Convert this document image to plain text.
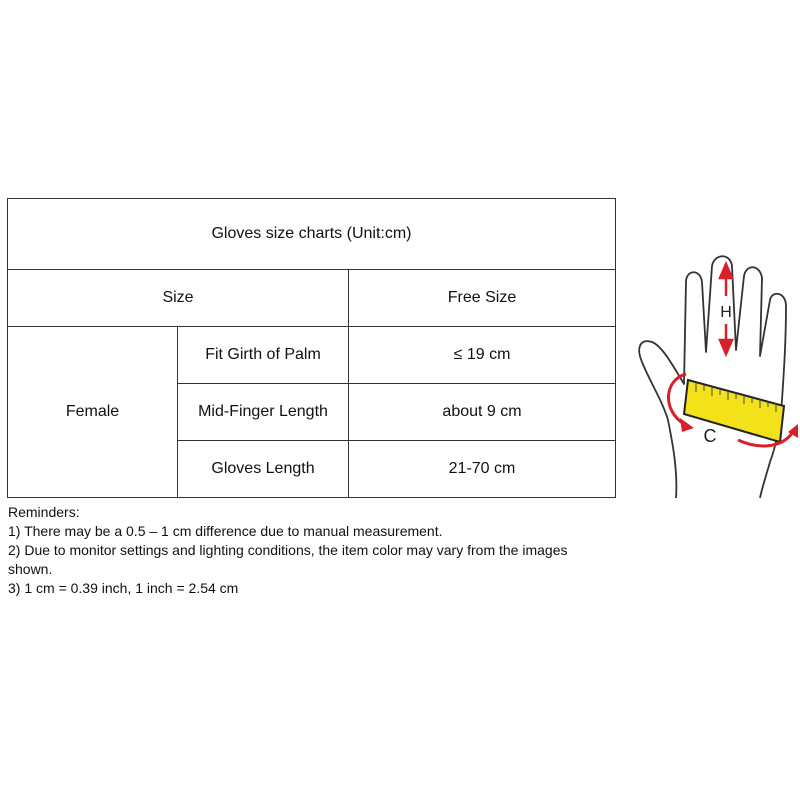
Gloves size charts (Unit:cm)		
Size		Free Size
Female	Fit Girth of Palm	≤ 19 cm
	Mid-Finger Length	about 9 cm
	Gloves Length	21-70 cm
Reminders:
1) There may be a 0.5 – 1 cm difference due to manual measurement.
2) Due to monitor settings and lighting conditions, the item color may vary from the images shown.
3) 1 cm = 0.39 inch, 1 inch = 2.54 cm
H
C
